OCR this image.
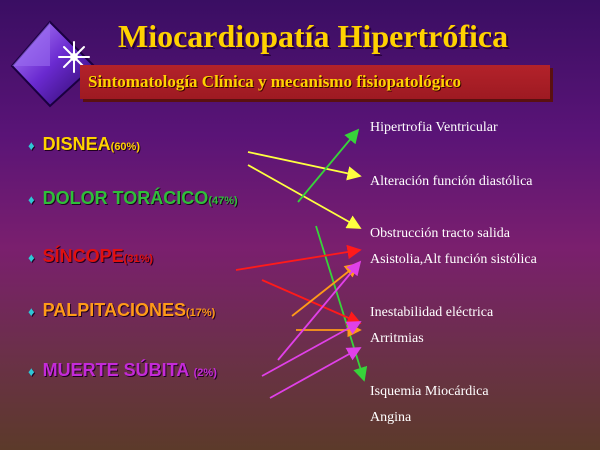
Miocardiopatía Hipertrófica
Sintomatología Clínica y mecanismo fisiopatológico
♦ DISNEA(60%)
♦ DOLOR TORÁCICO(47%)
♦ SÍNCOPE(31%)
♦ PALPITACIONES(17%)
♦ MUERTE SÚBITA (2%)
Hipertrofia Ventricular
Alteración función diastólica
Obstrucción tracto salida
Asistolia,Alt función sistólica
Inestabilidad eléctrica
Arritmias
Isquemia Miocárdica
Angina
